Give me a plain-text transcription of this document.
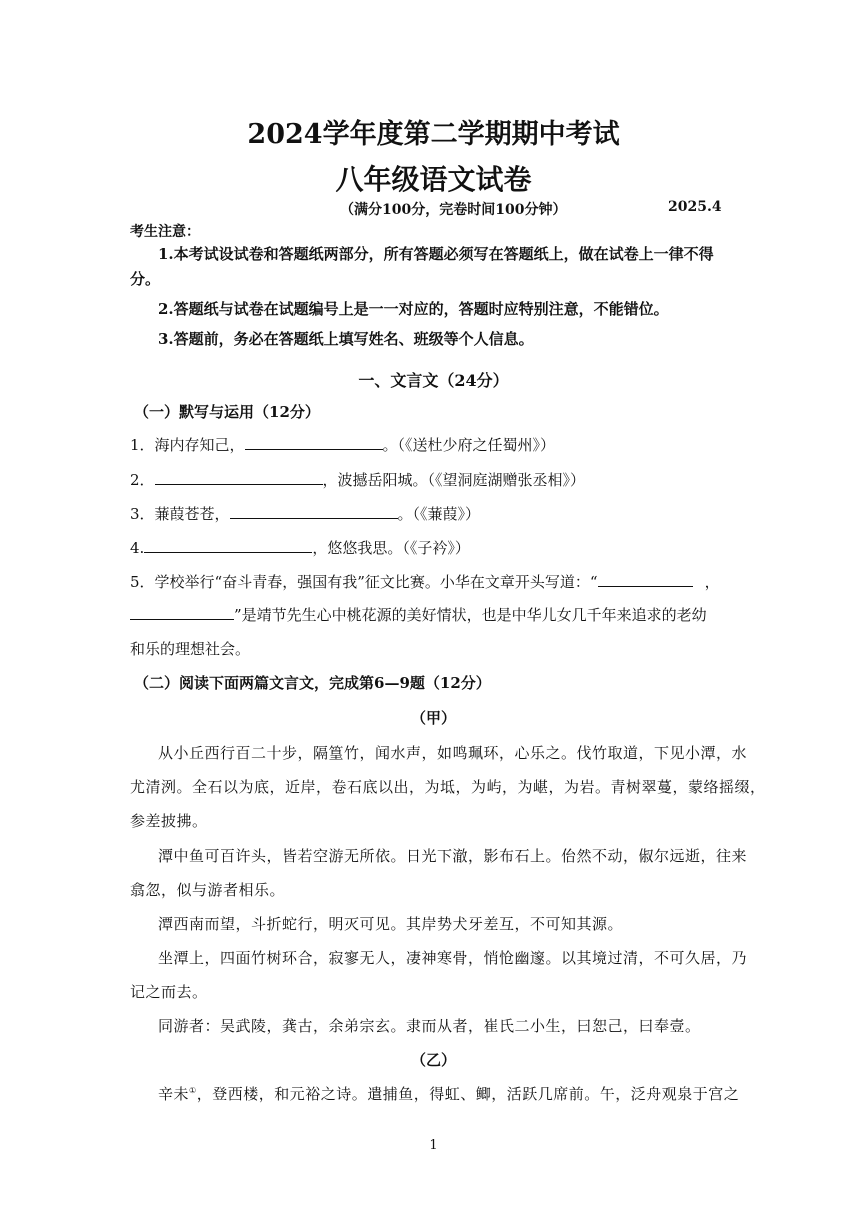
2024学年度第二学期期中考试
八年级语文试卷
（满分100分，完卷时间100分钟）	2025.4
考生注意：
1.本考试设试卷和答题纸两部分，所有答题必须写在答题纸上，做在试卷上一律不得
分。
2.答题纸与试卷在试题编号上是一一对应的，答题时应特别注意，不能错位。
3.答题前，务必在答题纸上填写姓名、班级等个人信息。
一、文言文（24分）
（一）默写与运用（12分）
1．海内存知己，	。（《送杜少府之任蜀州》）
2．	，波撼岳阳城。（《望洞庭湖赠张丞相》）
3．蒹葭苍苍，	。（《蒹葭》）
4.	，悠悠我思。（《子衿》）
5．学校举行“奋斗青春，强国有我”征文比赛。小华在文章开头写道：“	，
”是靖节先生心中桃花源的美好情状，也是中华儿女几千年来追求的老幼
和乐的理想社会。
（二）阅读下面两篇文言文，完成第6—9题（12分）
（甲）
从小丘西行百二十步，隔篁竹，闻水声，如鸣珮环，心乐之。伐竹取道，下见小潭，水
尤清洌。全石以为底，近岸，卷石底以出，为坻，为屿，为嵁，为岩。青树翠蔓，蒙络摇缀，
参差披拂。
潭中鱼可百许头，皆若空游无所依。日光下澈，影布石上。佁然不动，俶尔远逝，往来
翕忽，似与游者相乐。
潭西南而望，斗折蛇行，明灭可见。其岸势犬牙差互，不可知其源。
坐潭上，四面竹树环合，寂寥无人，凄神寒骨，悄怆幽邃。以其境过清，不可久居，乃
记之而去。
同游者：吴武陵，龚古，余弟宗玄。隶而从者，崔氏二小生，曰恕己，曰奉壹。
（乙）
辛未①，登西楼，和元裕之诗。遣捕鱼，得虹、鲫，活跃几席前。午，泛舟观泉于宫之
1
